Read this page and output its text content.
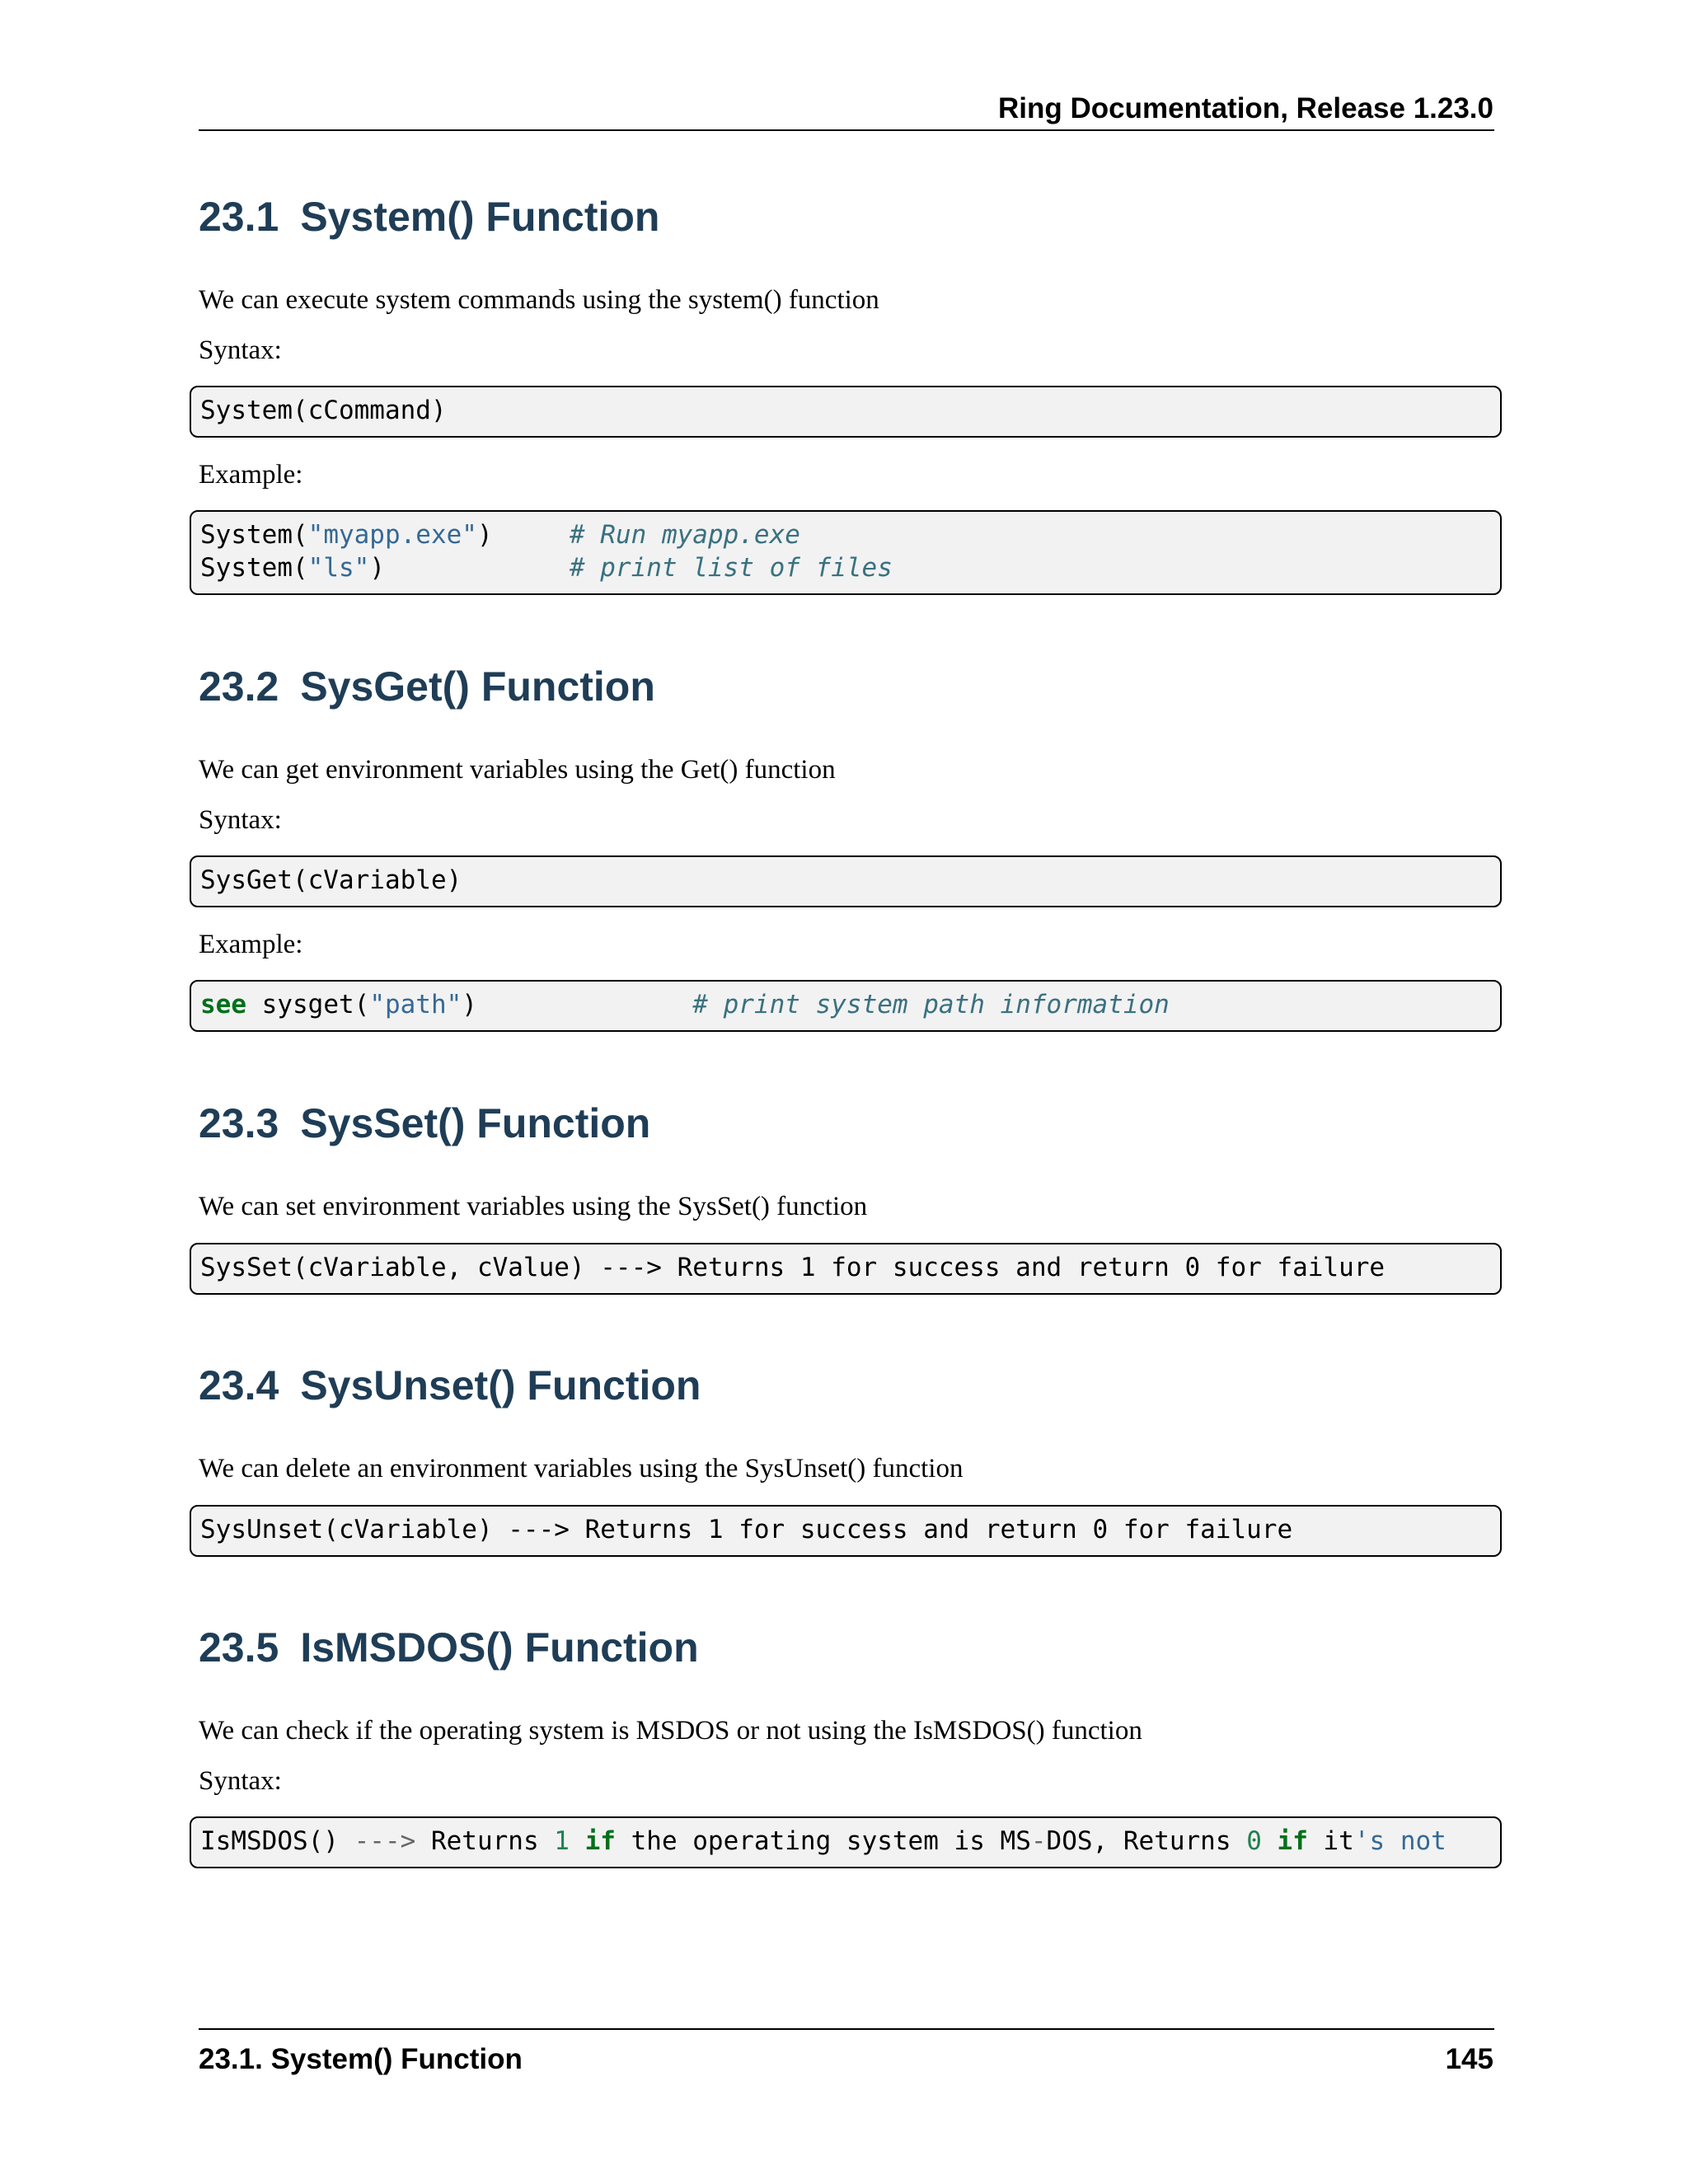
Ring Documentation, Release 1.23.0
23.1 System() Function
We can execute system commands using the system() function
Syntax:
System(cCommand)
Example:
System("myapp.exe")	# Run myapp.exe
System("ls")	# print list of files
23.2 SysGet() Function
We can get environment variables using the Get() function
Syntax:
SysGet(cVariable)
Example:
see sysget("path")	# print system path information
23.3 SysSet() Function
We can set environment variables using the SysSet() function
SysSet(cVariable, cValue) ---> Returns 1 for success and return 0 for failure
23.4 SysUnset() Function
We can delete an environment variables using the SysUnset() function
SysUnset(cVariable) ---> Returns 1 for success and return 0 for failure
23.5 IsMSDOS() Function
We can check if the operating system is MSDOS or not using the IsMSDOS() function
Syntax:
IsMSDOS() ---> Returns 1 if the operating system is MS-DOS, Returns 0 if it's not
23.1. System() Function	145
